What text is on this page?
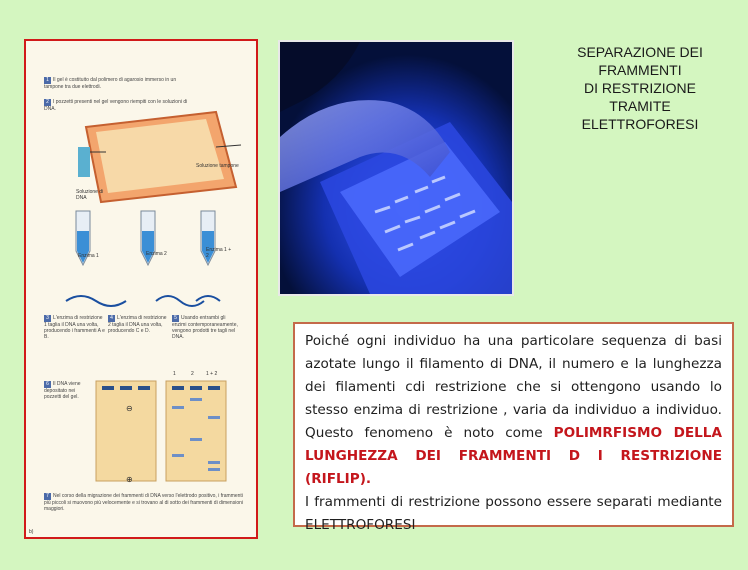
1 Il gel è costituito dal polimero di agarosio immerso in un tampone tra due elettrodi.
2 I pozzetti presenti nel gel vengono riempiti con le soluzioni di DNA.
Soluzione tampone
Soluzione di DNA
Enzima 1	Enzima 2
Enzima 1 + 2
3 L'enzima di restrizione 1 taglia il DNA una volta, producendo i frammenti A e B.
4 L'enzima di restrizione 2 taglia il DNA una volta, producendo C e D.
5 Usando entrambi gli enzimi contemporaneamente, vengono prodotti tre tagli nel DNA.
6 Il DNA viene depositato nei pozzetti del gel.
1	2 1 + 2
⊖
⊕
7 Nel corso della migrazione dei frammenti di DNA verso l'elettrodo positivo, i frammenti più piccoli si muovono più velocemente e si trovano al di sotto dei frammenti di dimensioni maggiori.
b)
SEPARAZIONE DEI
FRAMMENTI
DI RESTRIZIONE
TRAMITE
ELETTROFORESI
Poiché ogni individuo ha una particolare sequenza di basi azotate lungo il filamento di DNA, il numero e la lunghezza dei filamenti cdi restrizione che si ottengono usando lo stesso enzima di restrizione , varia da individuo a individuo. Questo fenomeno è noto come POLIMRFISMO DELLA LUNGHEZZA DEI FRAMMENTI D I RESTRIZIONE (RIFLIP).
I frammenti di restrizione possono essere separati mediante ELETTROFORESI
